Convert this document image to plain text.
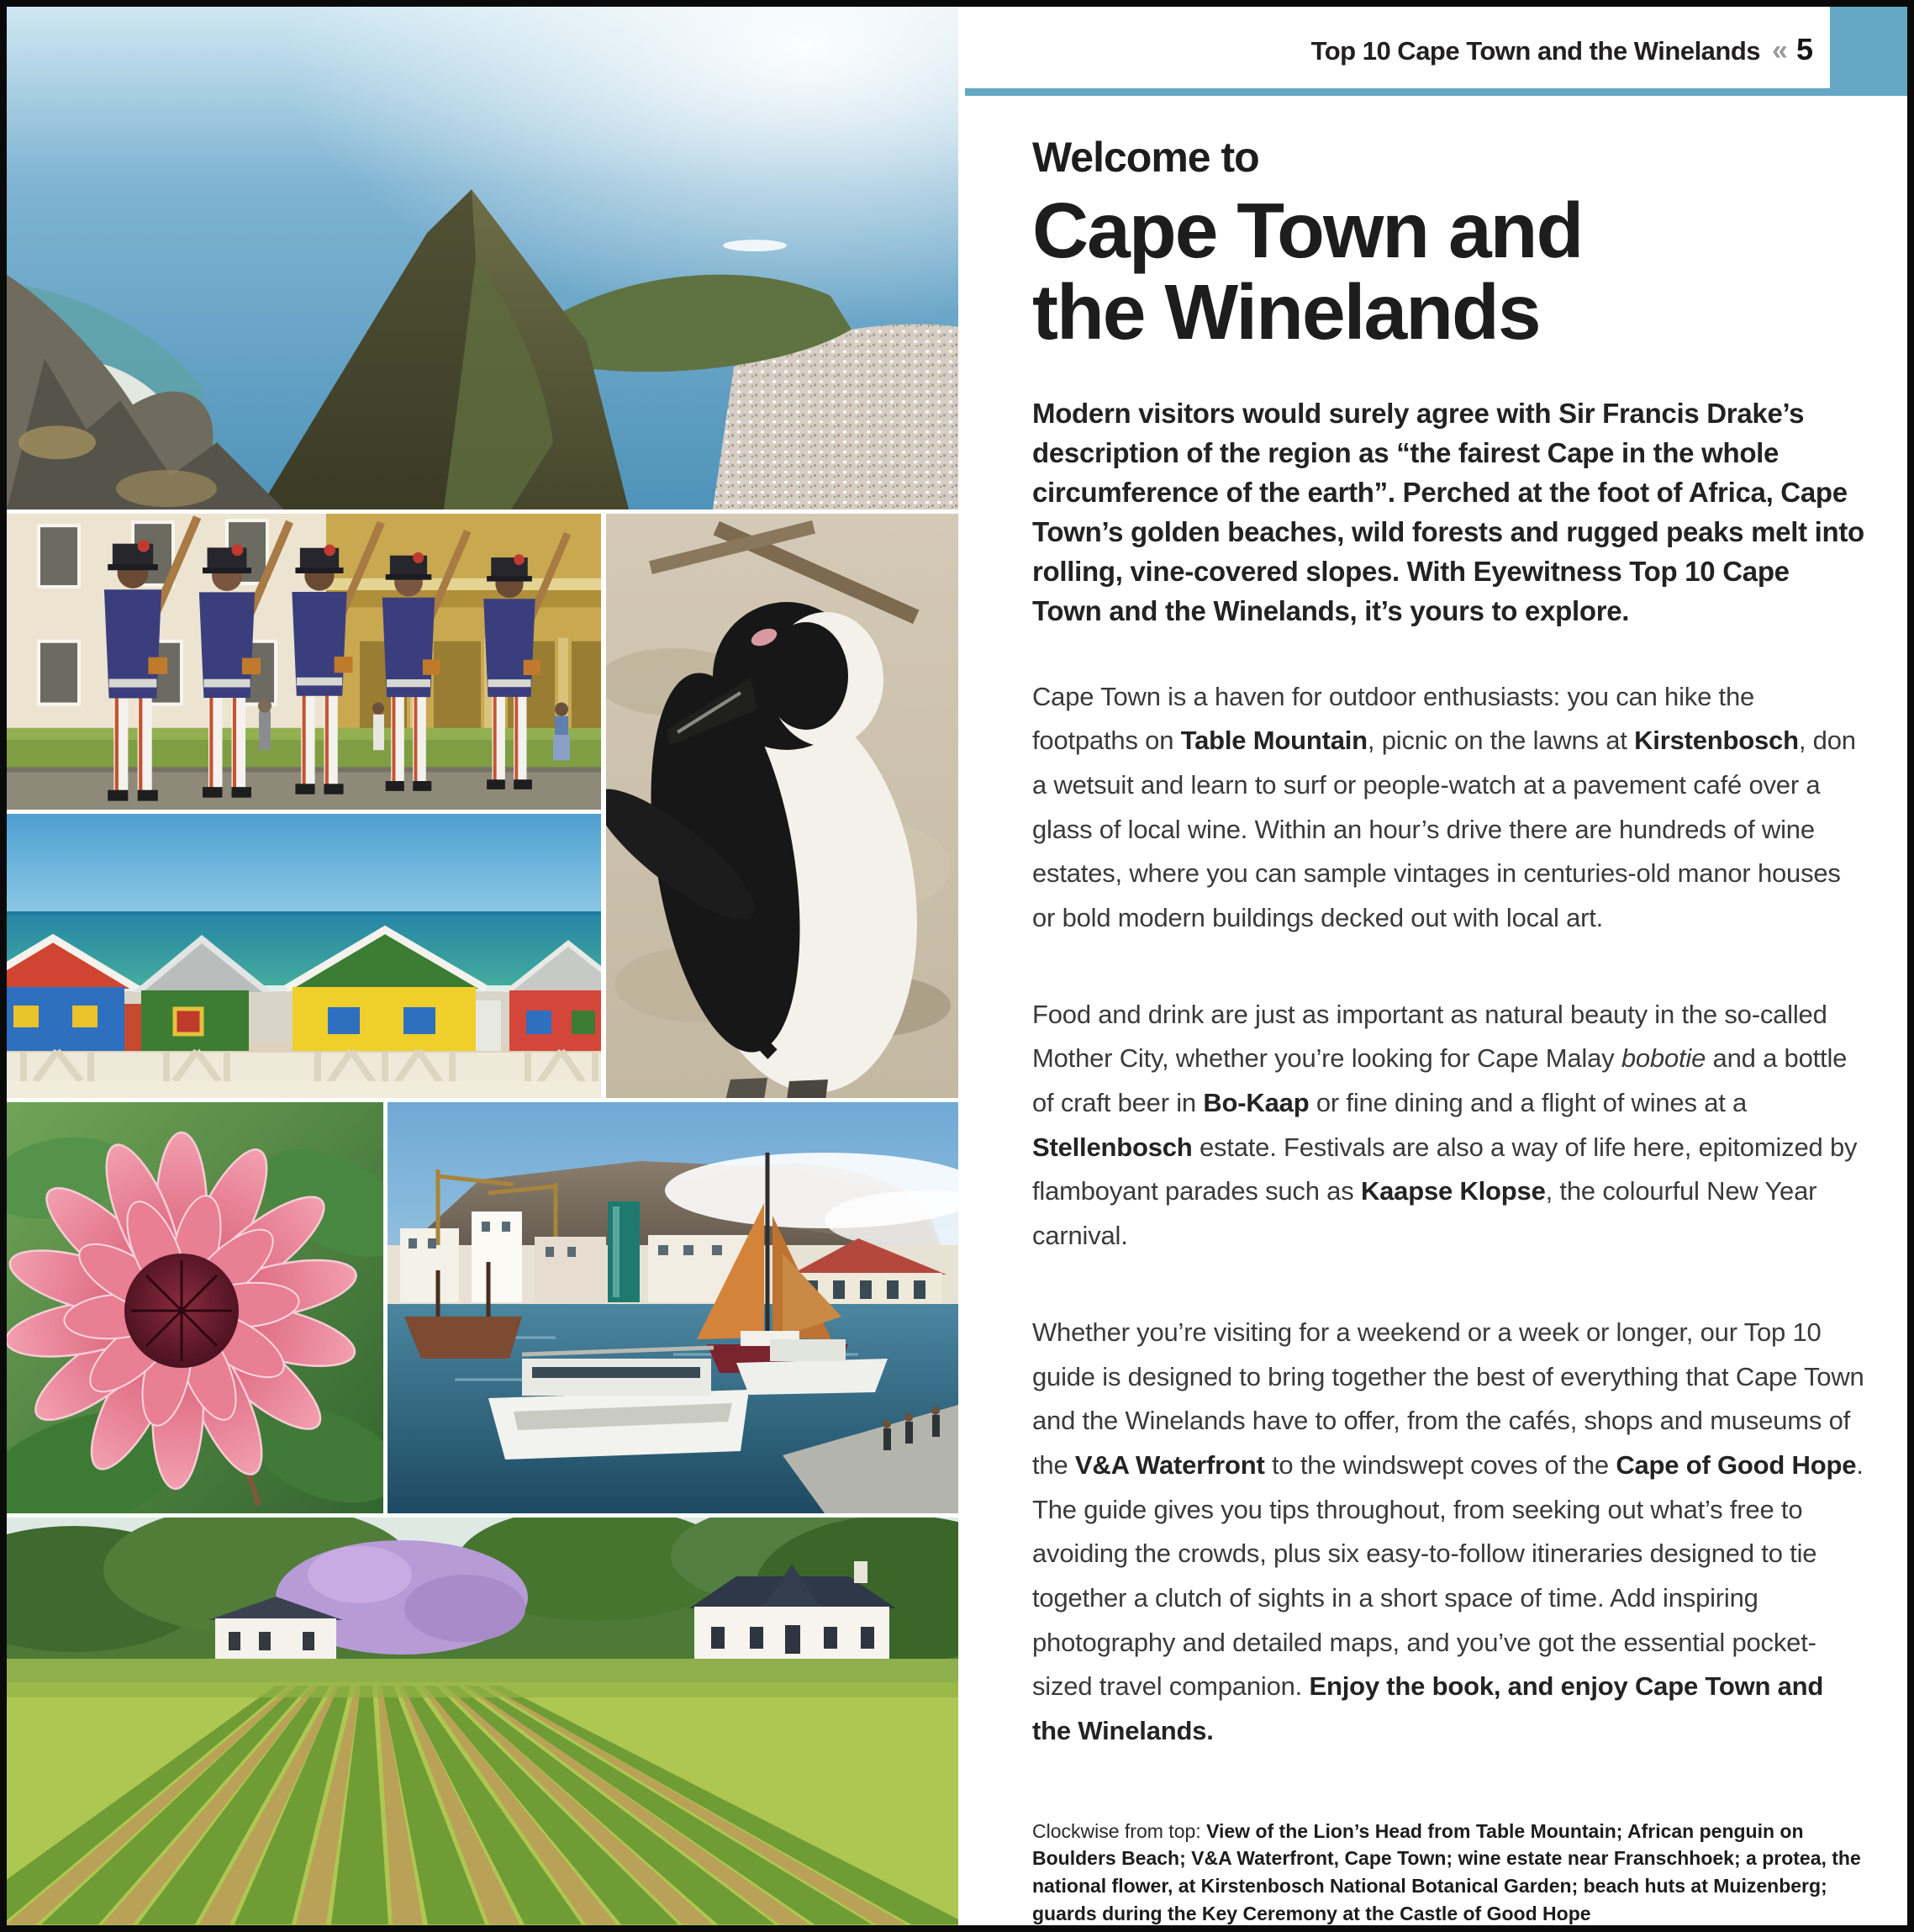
Top 10 Cape Town and the Winelands « 5
Welcome to
Cape Town and
the Winelands

Modern visitors would surely agree with Sir Francis Drake’s description of the region as “the fairest Cape in the whole circumference of the earth”. Perched at the foot of Africa, Cape Town’s golden beaches, wild forests and rugged peaks melt into rolling, vine-covered slopes. With Eyewitness Top 10 Cape Town and the Winelands, it’s yours to explore.

Cape Town is a haven for outdoor enthusiasts: you can hike the footpaths on Table Mountain, picnic on the lawns at Kirstenbosch, don a wetsuit and learn to surf or people-watch at a pavement café over a glass of local wine. Within an hour’s drive there are hundreds of wine estates, where you can sample vintages in centuries-old manor houses or bold modern buildings decked out with local art.

Food and drink are just as important as natural beauty in the so-called Mother City, whether you’re looking for Cape Malay bobotie and a bottle of craft beer in Bo-Kaap or fine dining and a flight of wines at a Stellenbosch estate. Festivals are also a way of life here, epitomized by flamboyant parades such as Kaapse Klopse, the colourful New Year carnival.

Whether you’re visiting for a weekend or a week or longer, our Top 10 guide is designed to bring together the best of everything that Cape Town and the Winelands have to offer, from the cafés, shops and museums of the V&A Waterfront to the windswept coves of the Cape of Good Hope. The guide gives you tips throughout, from seeking out what’s free to avoiding the crowds, plus six easy-to-follow itineraries designed to tie together a clutch of sights in a short space of time. Add inspiring photography and detailed maps, and you’ve got the essential pocket-sized travel companion. Enjoy the book, and enjoy Cape Town and the Winelands.

Clockwise from top: View of the Lion’s Head from Table Mountain; African penguin on Boulders Beach; V&A Waterfront, Cape Town; wine estate near Franschhoek; a protea, the national flower, at Kirstenbosch National Botanical Garden; beach huts at Muizenberg; guards during the Key Ceremony at the Castle of Good Hope
